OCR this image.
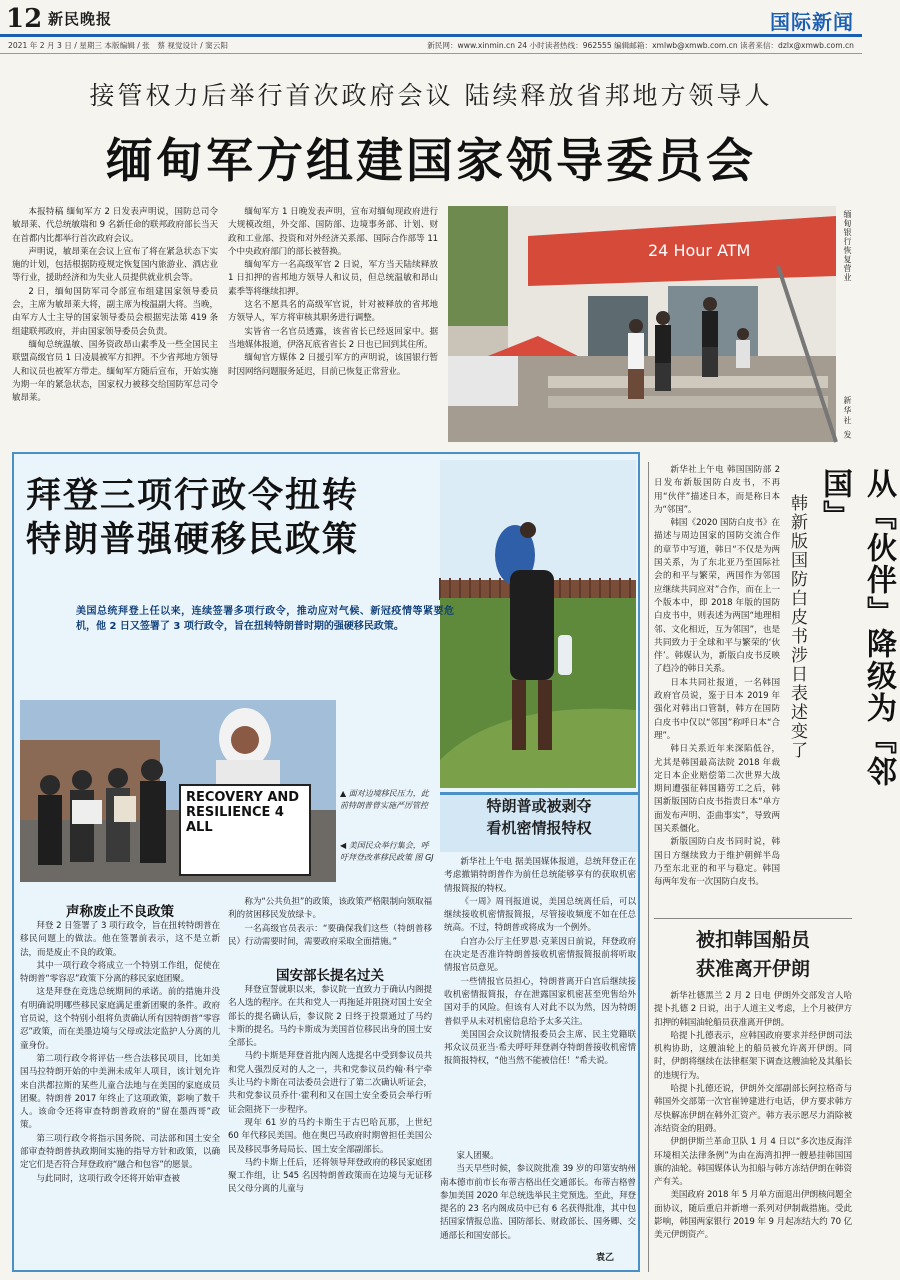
12 新民晚报	国际新闻
2021 年 2 月 3 日 / 星期三 本版编辑 / 张　蔡 视觉设计 / 窦云阳	新民网：www.xinmin.cn 24 小时读者热线：962555 编辑邮箱：xmlwb@xmwb.com.cn 读者来信：dzlx@xmwb.com.cn
接管权力后举行首次政府会议 陆续释放省邦地方领导人
缅甸军方组建国家领导委员会

本报特稿 缅甸军方 2 日发表声明说，国防总司令敏昂莱、代总统敏瑞和 9 名新任命的联邦政府部长当天在首都内比都举行首次政府会议。

声明说，敏昂莱在会议上宣布了将在紧急状态下实施的计划，包括根据防疫规定恢复国内旅游业、酒店业等行业，援助经济和为失业人员提供就业机会等。

2 日，缅甸国防军司令部宣布组建国家领导委员会，主席为敏昂莱大将，副主席为梭温副大将。当晚，由军方人士主导的国家领导委员会根据宪法第 419 条组建联邦政府，并由国家领导委员会负责。

缅甸总统温敏、国务资政昂山素季及一些全国民主联盟高级官员 1 日凌晨被军方扣押。不少省邦地方领导人和议员也被军方带走。缅甸军方随后宣布，开始实施为期一年的紧急状态，国家权力被移交给国防军总司令敏昂莱。

缅甸军方 1 日晚发表声明，宣布对缅甸现政府进行大规模改组，外交部、国防部、边境事务部、计划、财政和工业部、投资和对外经济关系部、国际合作部等 11 个中央政府部门的部长被替换。

缅甸军方一名高级军官 2 日说，军方当天陆续释放 1 日扣押的省邦地方领导人和议员，但总统温敏和昂山素季等将继续扣押。

这名不愿具名的高级军官说，针对被释放的省邦地方领导人，军方将审核其职务进行调整。

实皆省一名官员透露，该省省长已经返回家中。据当地媒体报道，伊洛瓦底省省长 2 日也已回到其住所。

缅甸官方媒体 2 日援引军方的声明说，该国银行暂时因网络问题服务延迟，目前已恢复正常营业。

24 Hour ATM	缅甸银行恢复营业
新华社 发
拜登三项行政令扭转
特朗普强硬移民政策
美国总统拜登上任以来，连续签署多项行政令，推动应对气候、新冠疫情等紧要危机，他 2 日又签署了 3 项行政令，旨在扭转特朗普时期的强硬移民政策。
RECOVERY AND RESILIENCE 4 ALL
▲ 面对边境移民压力，此前特朗普曾实施严厉管控
◀ 美国民众举行集会，呼吁拜登改革移民政策 图 GJ
特朗普或被剥夺
看机密情报特权

新华社上午电 据美国媒体报道，总统拜登正在考虑撤销特朗普作为前任总统能够享有的获取机密情报简报的特权。

《一周》周刊报道说，美国总统离任后，可以继续接收机密情报简报，尽管接收频度不如在任总统高。不过，特朗普或将成为一个例外。

白宫办公厅主任罗恩·克莱因日前说，拜登政府在决定是否准许特朗普接收机密情报简报前将听取情报官员意见。

一些情报官员担心，特朗普离开白宫后继续接收机密情报简报，存在泄露国家机密甚至兜售给外国对手的风险。但该有人对此不以为然，因为特朗普似乎从未对机密信息给予太多关注。

美国国会众议院情报委员会主席、民主党籍联邦众议员亚当·希夫呼吁拜登剥夺特朗普接收机密情报简报特权，“他当然不能被信任！”希夫说。

声称废止不良政策

拜登 2 日签署了 3 项行政令，旨在扭转特朗普在移民问题上的做法。他在签署前表示，这不是立新法，而是废止不良的政策。

其中一项行政令将成立一个特别工作组，促使在特朗普“零容忍”政策下分离的移民家庭团聚。

这是拜登在竞选总统期间的承诺。前的措施并没有明确说明哪些移民家庭满足重新团聚的条件。政府官员说，这个特别小组将负责确认所有因特朗普“零容忍”政策，而在美墨边境与父母或法定监护人分离的儿童身份。

第二项行政令将评估一些合法移民项目，比如美国马拉特朗开始的中美洲未成年人项目，该计划允许来自洪都拉斯的某些儿童合法地与在美国的家庭成员团聚。特朗普 2017 年终止了这项政策，影响了数千人。该命令还将审查特朗普政府的“留在墨西哥”政策。

第三项行政令将指示国务院、司法部和国土安全部审查特朗普执政期间实施的指导方针和政策，以确定它们是否符合拜登政府“融合和包容”的愿景。

与此同时，这项行政令还将开始审查被

称为“公共负担”的政策，该政策严格限制向领取福利的贫困移民发放绿卡。

一名高级官员表示：“要确保我们这些（特朗普移民）行动需要时间，需要政府采取全面措施。”

国安部长提名过关

拜登宣誓就职以来，参议院一直致力于确认内阁提名人选的程序。在共和党人一再拖延并阻挠对国土安全部长的提名确认后，参议院 2 日终于投票通过了马约卡斯的提名。马约卡斯成为美国首位移民出身的国土安全部长。

马约卡斯是拜登首批内阁人选提名中受到参议员共和党人强烈反对的人之一，共和党参议员约翰·科宁牵头让马约卡斯在司法委员会进行了第二次确认听证会，共和党参议员乔什·霍利和又在国土安全委员会举行听证会阻挠下一步程序。

现年 61 岁的马约卡斯生于古巴哈瓦那，上世纪 60 年代移民美国。他在奥巴马政府时期曾担任美国公民及移民事务局局长、国土安全部副部长。

马约卡斯上任后，还将领导拜登政府的移民家庭团聚工作组，让 545 名因特朗普政策而在边境与无证移民父母分离的儿童与

家人团聚。

当天早些时候，参议院批准 39 岁的印第安纳州南本德市前市长布蒂吉格出任交通部长。布蒂吉格曾参加美国 2020 年总统选举民主党预选。至此，拜登提名的 23 名内阁成员中已有 6 名获得批准，其中包括国家情报总监、国防部长、财政部长、国务卿、交通部长和国安部长。

袁乙

新华社上午电 韩国国防部 2 日发布新版国防白皮书，不再用“伙伴”描述日本，而是称日本为“邻国”。

韩国《2020 国防白皮书》在描述与周边国家的国防交流合作的章节中写道，韩日“不仅是为两国关系，为了东北亚乃至国际社会的和平与繁荣，两国作为邻国应继续共同应对”合作，而在上一个版本中，即 2018 年版的国防白皮书中，则表述为两国“地理相邻、文化相近，互为邻国”，也是共同致力于全球和平与繁荣的‘伙伴’。韩媒认为，新版白皮书反映了趋冷的韩日关系。

日本共同社报道，一名韩国政府官员说，鉴于日本 2019 年强化对韩出口管制，韩方在国防白皮书中仅以“邻国”称呼日本“合理”。

韩日关系近年来深陷低谷，尤其是韩国最高法院 2018 年裁定日本企业赔偿第二次世界大战期间遭强征韩国籍劳工之后，韩国新版国防白皮书指责日本“单方面发布声明、歪曲事实”，导致两国关系僵化。

新版国防白皮书同时说，韩国日方继续致力于维护朝鲜半岛乃至东北亚的和平与稳定。韩国每两年发布一次国防白皮书。

从『伙伴』降级为『邻国』
韩新版国防白皮书涉日表述变了
被扣韩国船员
获准离开伊朗

新华社德黑兰 2 月 2 日电 伊朗外交部发言人哈提卜扎德 2 日说，出于人道主义考虑，上个月被伊方扣押的韩国油轮船员获准离开伊朗。

哈提卜扎德表示，应韩国政府要求并经伊朗司法机构协助，这艘油轮上的船员被允许离开伊朗。同时，伊朗将继续在法律框架下调查这艘油轮及其船长的违规行为。

哈提卜扎德还说，伊朗外交部副部长阿拉格奇与韩国外交部第一次官崔钟建进行电话，伊方要求韩方尽快解冻伊朗在韩外汇资产。韩方表示愿尽力消除被冻结资金的阻碍。

伊朗伊斯兰革命卫队 1 月 4 日以“多次违反海洋环境相关法律条例”为由在海湾扣押一艘悬挂韩国国旗的油轮。韩国媒体认为扣船与韩方冻结伊朗在韩资产有关。

美国政府 2018 年 5 月单方面退出伊朗核问题全面协议，随后重启并新增一系列对伊制裁措施。受此影响，韩国两家银行 2019 年 9 月起冻结大约 70 亿美元伊朗资产。
